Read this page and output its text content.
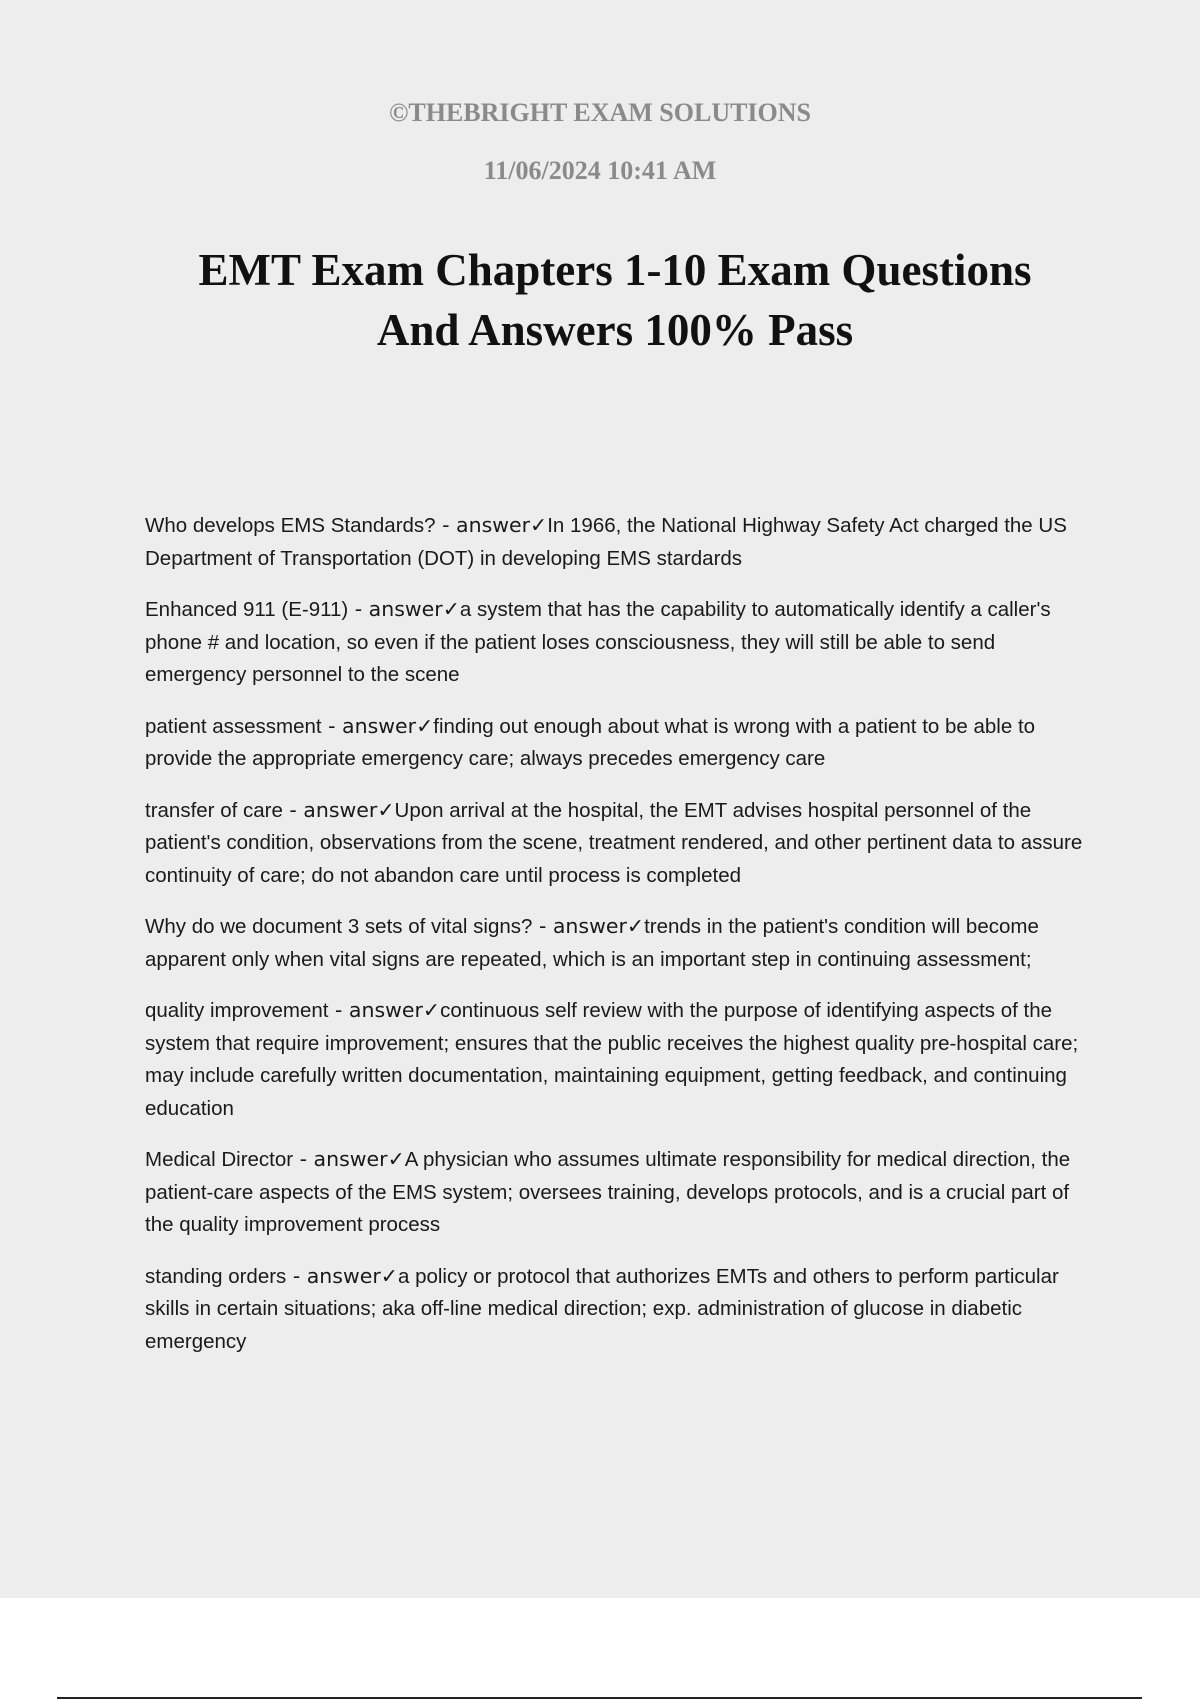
©THEBRIGHT EXAM SOLUTIONS
11/06/2024 10:41 AM
EMT Exam Chapters 1-10 Exam Questions
And Answers 100% Pass

Who develops EMS Standards? - answer✓In 1966, the National Highway Safety Act charged the US Department of Transportation (DOT) in developing EMS stardards

Enhanced 911 (E-911) - answer✓a system that has the capability to automatically identify a caller's phone # and location, so even if the patient loses consciousness, they will still be able to send emergency personnel to the scene

patient assessment - answer✓finding out enough about what is wrong with a patient to be able to provide the appropriate emergency care; always precedes emergency care

transfer of care - answer✓Upon arrival at the hospital, the EMT advises hospital personnel of the patient's condition, observations from the scene, treatment rendered, and other pertinent data to assure continuity of care; do not abandon care until process is completed

Why do we document 3 sets of vital signs? - answer✓trends in the patient's condition will become apparent only when vital signs are repeated, which is an important step in continuing assessment;

quality improvement - answer✓continuous self review with the purpose of identifying aspects of the system that require improvement; ensures that the public receives the highest quality pre-hospital care; may include carefully written documentation, maintaining equipment, getting feedback, and continuing education

Medical Director - answer✓A physician who assumes ultimate responsibility for medical direction, the patient-care aspects of the EMS system; oversees training, develops protocols, and is a crucial part of the quality improvement process

standing orders - answer✓a policy or protocol that authorizes EMTs and others to perform particular skills in certain situations; aka off-line medical direction; exp. administration of glucose in diabetic emergency
